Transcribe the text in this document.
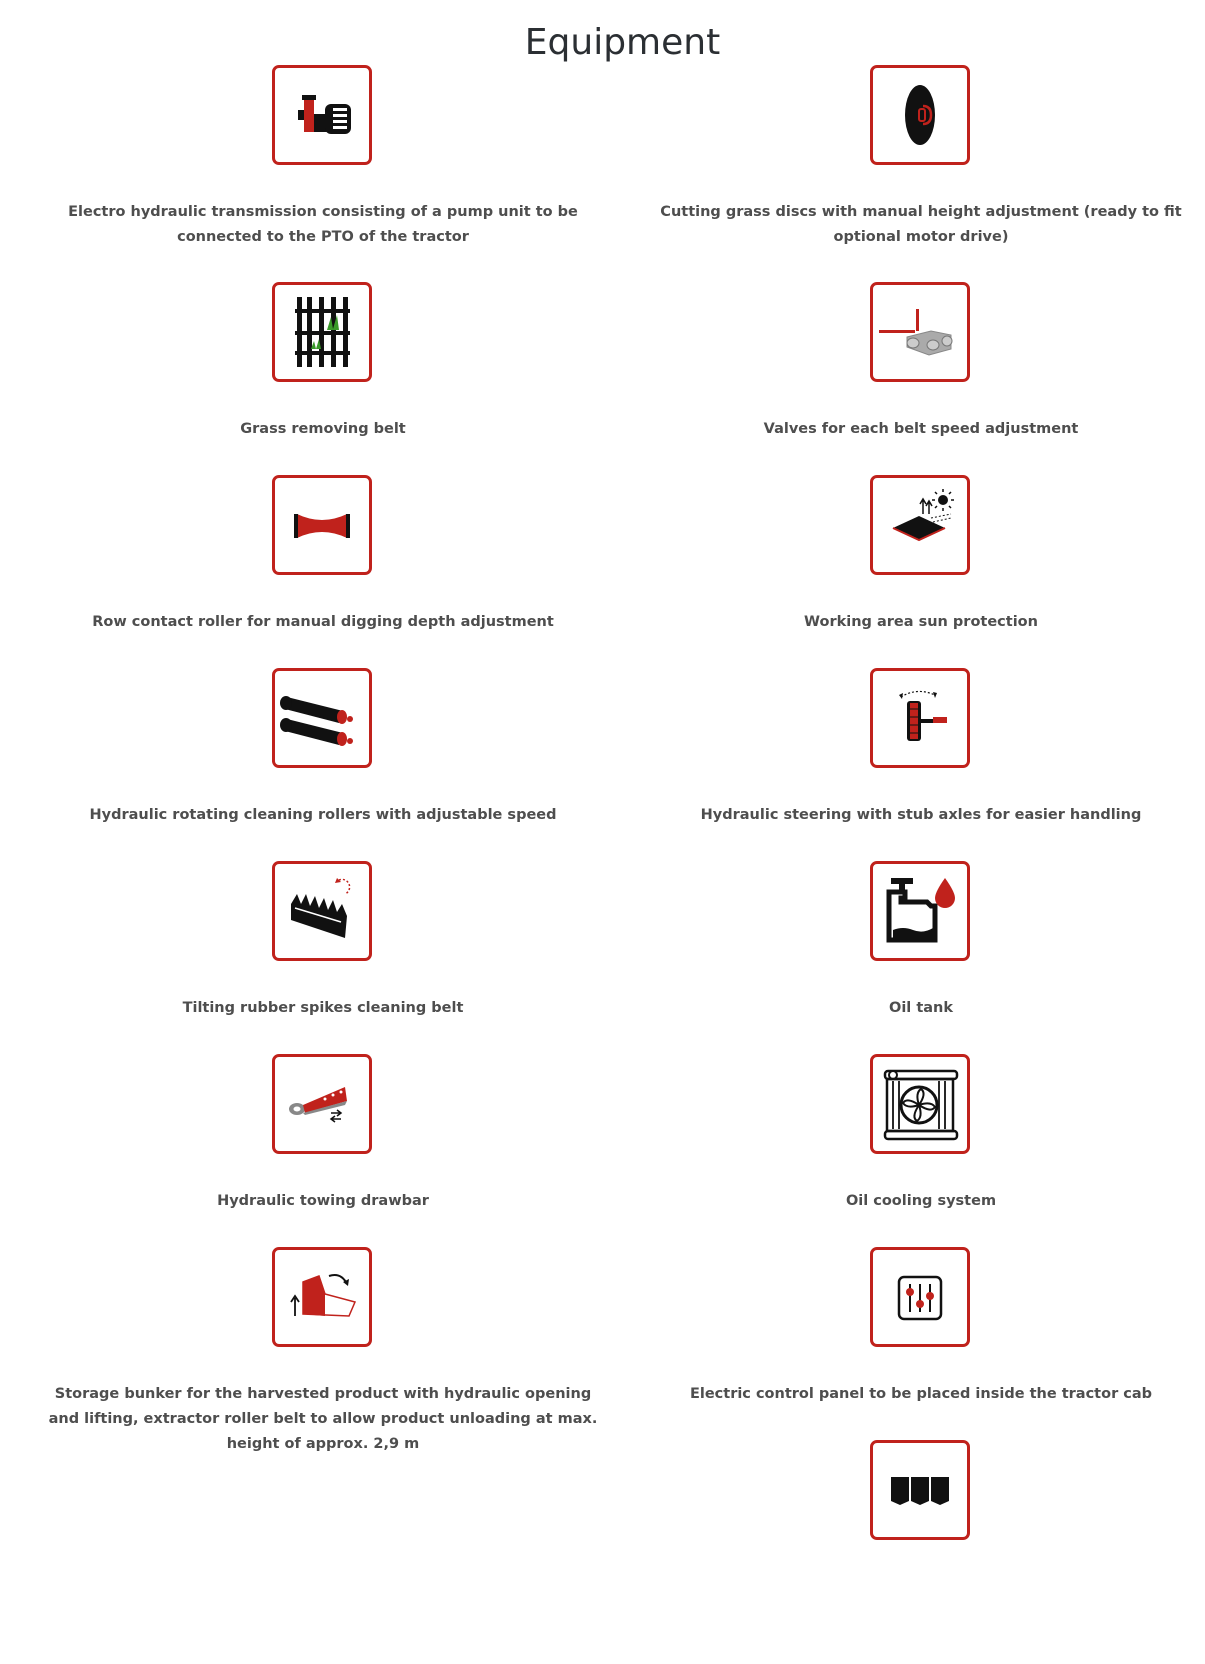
Equipment
Electro hydraulic transmission consisting of a pump unit to be connected to the PTO of the tractor
Grass removing belt
Row contact roller for manual digging depth adjustment
Hydraulic rotating cleaning rollers with adjustable speed
Tilting rubber spikes cleaning belt
Hydraulic towing drawbar
Storage bunker for the harvested product with hydraulic opening and lifting, extractor roller belt to allow product unloading at max. height of approx. 2,9 m
Cutting grass discs with manual height adjustment (ready to fit optional motor drive)
Valves for each belt speed adjustment
Working area sun protection
Hydraulic steering with stub axles for easier handling
Oil tank
Oil cooling system
Electric control panel to be placed inside the tractor cab
